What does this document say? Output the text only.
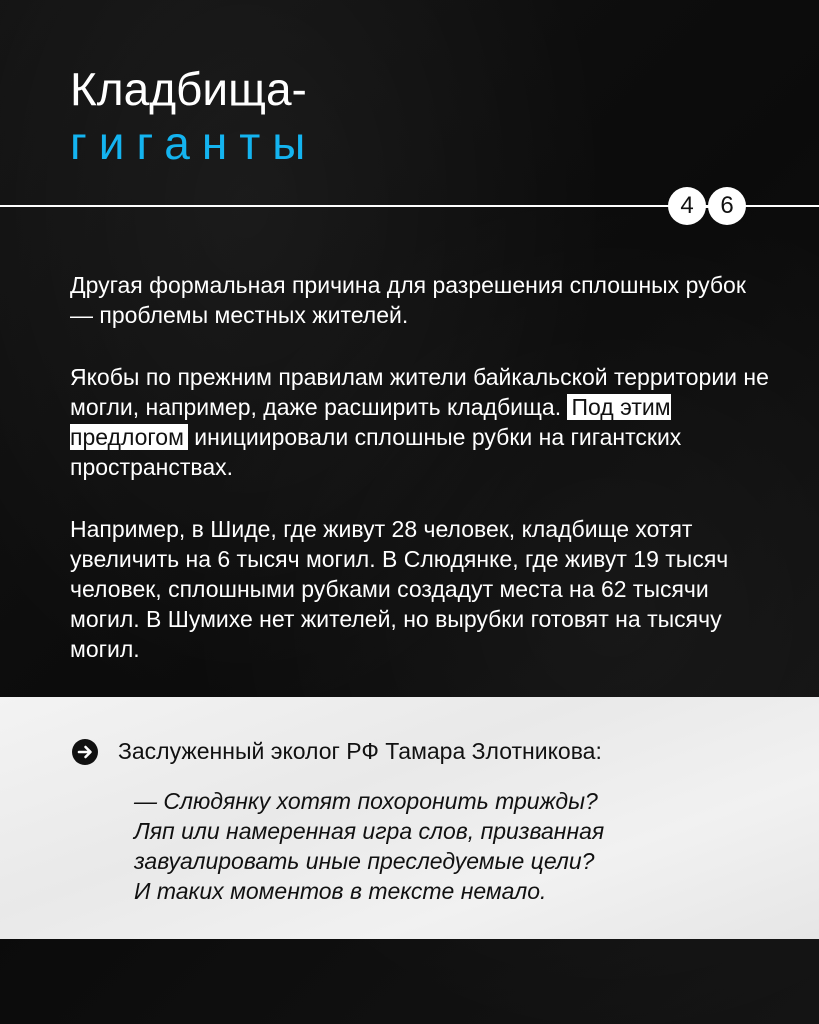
Кладбища-
гиганты
4	6

Другая формальная причина для разрешения сплошных рубок — проблемы местных жителей.

Якобы по прежним правилам жители байкальской территории не могли, например, даже расширить кладбища. Под этим предлогом инициировали сплошные рубки на гигантских пространствах.

Например, в Шиде, где живут 28 человек, кладбище хотят увеличить на 6 тысяч могил. В Слюдянке, где живут 19 тысяч человек, сплошными рубками создадут места на 62 тысячи могил. В Шумихе нет жителей, но вырубки готовят на тысячу могил.

Заслуженный эколог РФ Тамара Злотникова:

— Слюдянку хотят похоронить трижды?
Ляп или намеренная игра слов, призванная
завуалировать иные преследуемые цели?
И таких моментов в тексте немало.
